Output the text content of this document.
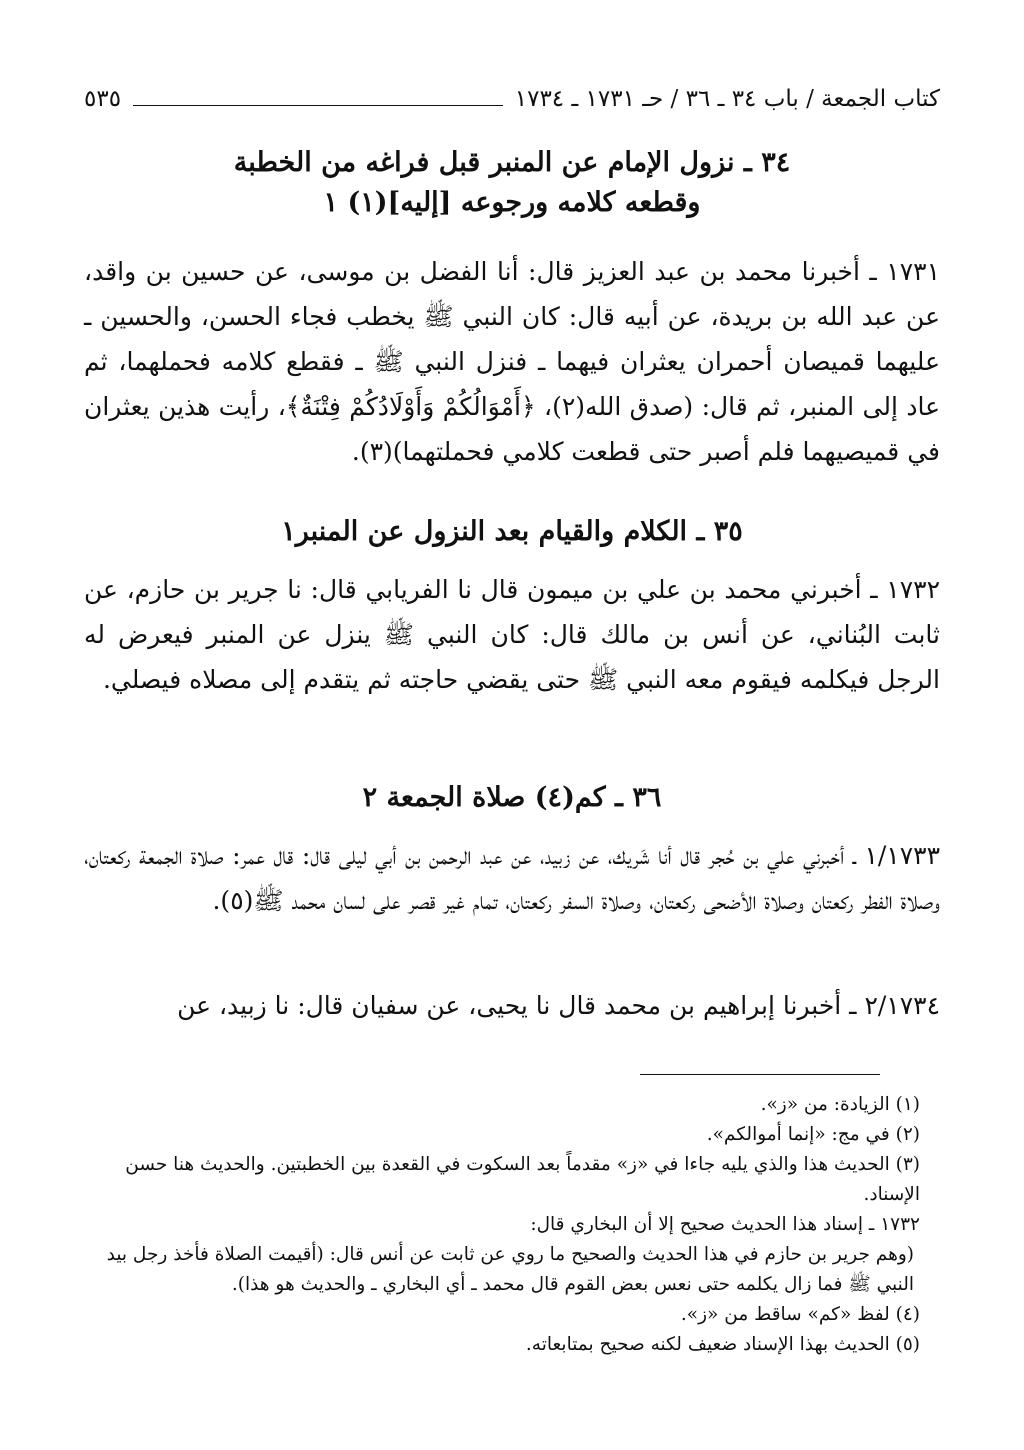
كتاب الجمعة / باب ٣٤ ـ ٣٦ / حـ ١٧٣١ ـ ١٧٣٤
٥٣٥
٣٤ ـ نزول الإمام عن المنبر قبل فراغه من الخطبة
وقطعه كلامه ورجوعه [إليه](١) ١

١٧٣١ ـ أخبرنا محمد بن عبد العزيز قال: أنا الفضل بن موسى، عن حسين بن واقد، عن عبد الله بن بريدة، عن أبيه قال: كان النبي ﷺ يخطب فجاء الحسن، والحسين ـ عليهما قميصان أحمران يعثران فيهما ـ فنزل النبي ﷺ ـ فقطع كلامه فحملهما، ثم عاد إلى المنبر، ثم قال: (صدق الله(٢)، ﴿أَمْوَالُكُمْ وَأَوْلَادُكُمْ فِتْنَةٌ﴾، رأيت هذين يعثران في قميصيهما فلم أصبر حتى قطعت كلامي فحملتهما)(٣).

٣٥ ـ الكلام والقيام بعد النزول عن المنبر١

١٧٣٢ ـ أخبرني محمد بن علي بن ميمون قال نا الفريابي قال: نا جرير بن حازم، عن ثابت البُناني، عن أنس بن مالك قال: كان النبي ﷺ ينزل عن المنبر فيعرض له الرجل فيكلمه فيقوم معه النبي ﷺ حتى يقضي حاجته ثم يتقدم إلى مصلاه فيصلي.

٣٦ ـ كم(٤) صلاة الجمعة ٢

١/١٧٣٣ ـ أخبرني علي بن حُجر قال أنا شَريك، عن زبيد، عن عبد الرحمن بن أبي ليلى قال: قال عمر: صلاة الجمعة ركعتان، وصلاة الفطر ركعتان وصلاة الأضحى ركعتان، وصلاة السفر ركعتان، تمام غير قصر على لسان محمد ﷺ(٥).

٢/١٧٣٤ ـ أخبرنا إبراهيم بن محمد قال نا يحيى، عن سفيان قال: نا زبيد، عن

(١) الزيادة: من «ز».

(٢) في مج: «إنما أموالكم».

(٣) الحديث هذا والذي يليه جاءا في «ز» مقدماً بعد السكوت في القعدة بين الخطبتين. والحديث هنا حسن الإسناد.

١٧٣٢ ـ إسناد هذا الحديث صحيح إلا أن البخاري قال:

(وهم جرير بن حازم في هذا الحديث والصحيح ما روي عن ثابت عن أنس قال: (أقيمت الصلاة فأخذ رجل بيد النبي ﷺ فما زال يكلمه حتى نعس بعض القوم قال محمد ـ أي البخاري ـ والحديث هو هذا).

(٤) لفظ «كم» ساقط من «ز».

(٥) الحديث بهذا الإسناد ضعيف لكنه صحيح بمتابعاته.
